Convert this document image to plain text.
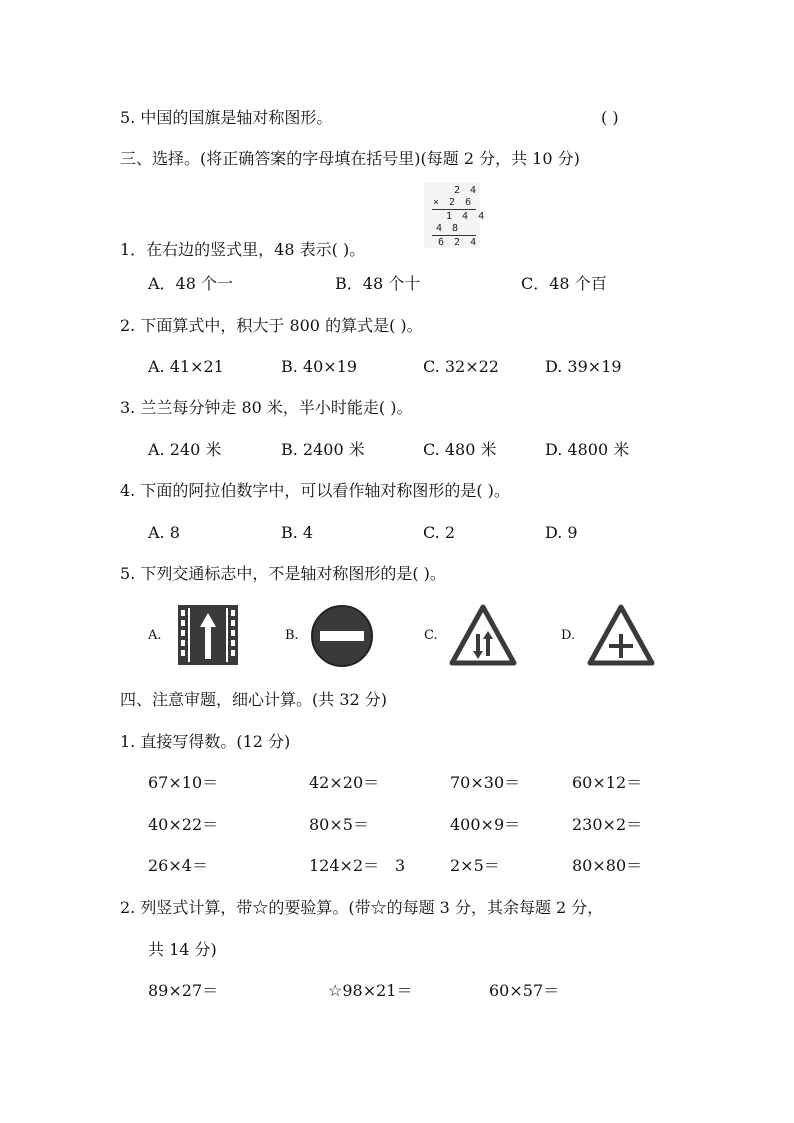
5. 中国的国旗是轴对称图形。	( )
三、选择。(将正确答案的字母填在括号里)(每题 2 分，共 10 分)
2 4
× 2 6
1 4 4
4 8
6 2 4
1．在右边的竖式里，48 表示( )。
A．48 个一	B．48 个十	C．48 个百
2. 下面算式中，积大于 800 的算式是( )。
A. 41×21	B. 40×19	C. 32×22	D. 39×19
3. 兰兰每分钟走 80 米，半小时能走( )。
A. 240 米	B. 2400 米	C. 480 米	D. 4800 米
4. 下面的阿拉伯数字中，可以看作轴对称图形的是( )。
A. 8	B. 4	C. 2	D. 9
5. 下列交通标志中，不是轴对称图形的是( )。
A.	B.	C.	D.
四、注意审题，细心计算。(共 32 分)
1. 直接写得数。(12 分)
67×10＝	42×20＝	70×30＝	60×12＝
40×22＝	80×5＝	400×9＝	230×2＝
26×4＝	124×2＝ 3	2×5＝	80×80＝
2. 列竖式计算，带☆的要验算。(带☆的每题 3 分，其余每题 2 分，
共 14 分)
89×27＝	☆98×21＝	60×57＝
